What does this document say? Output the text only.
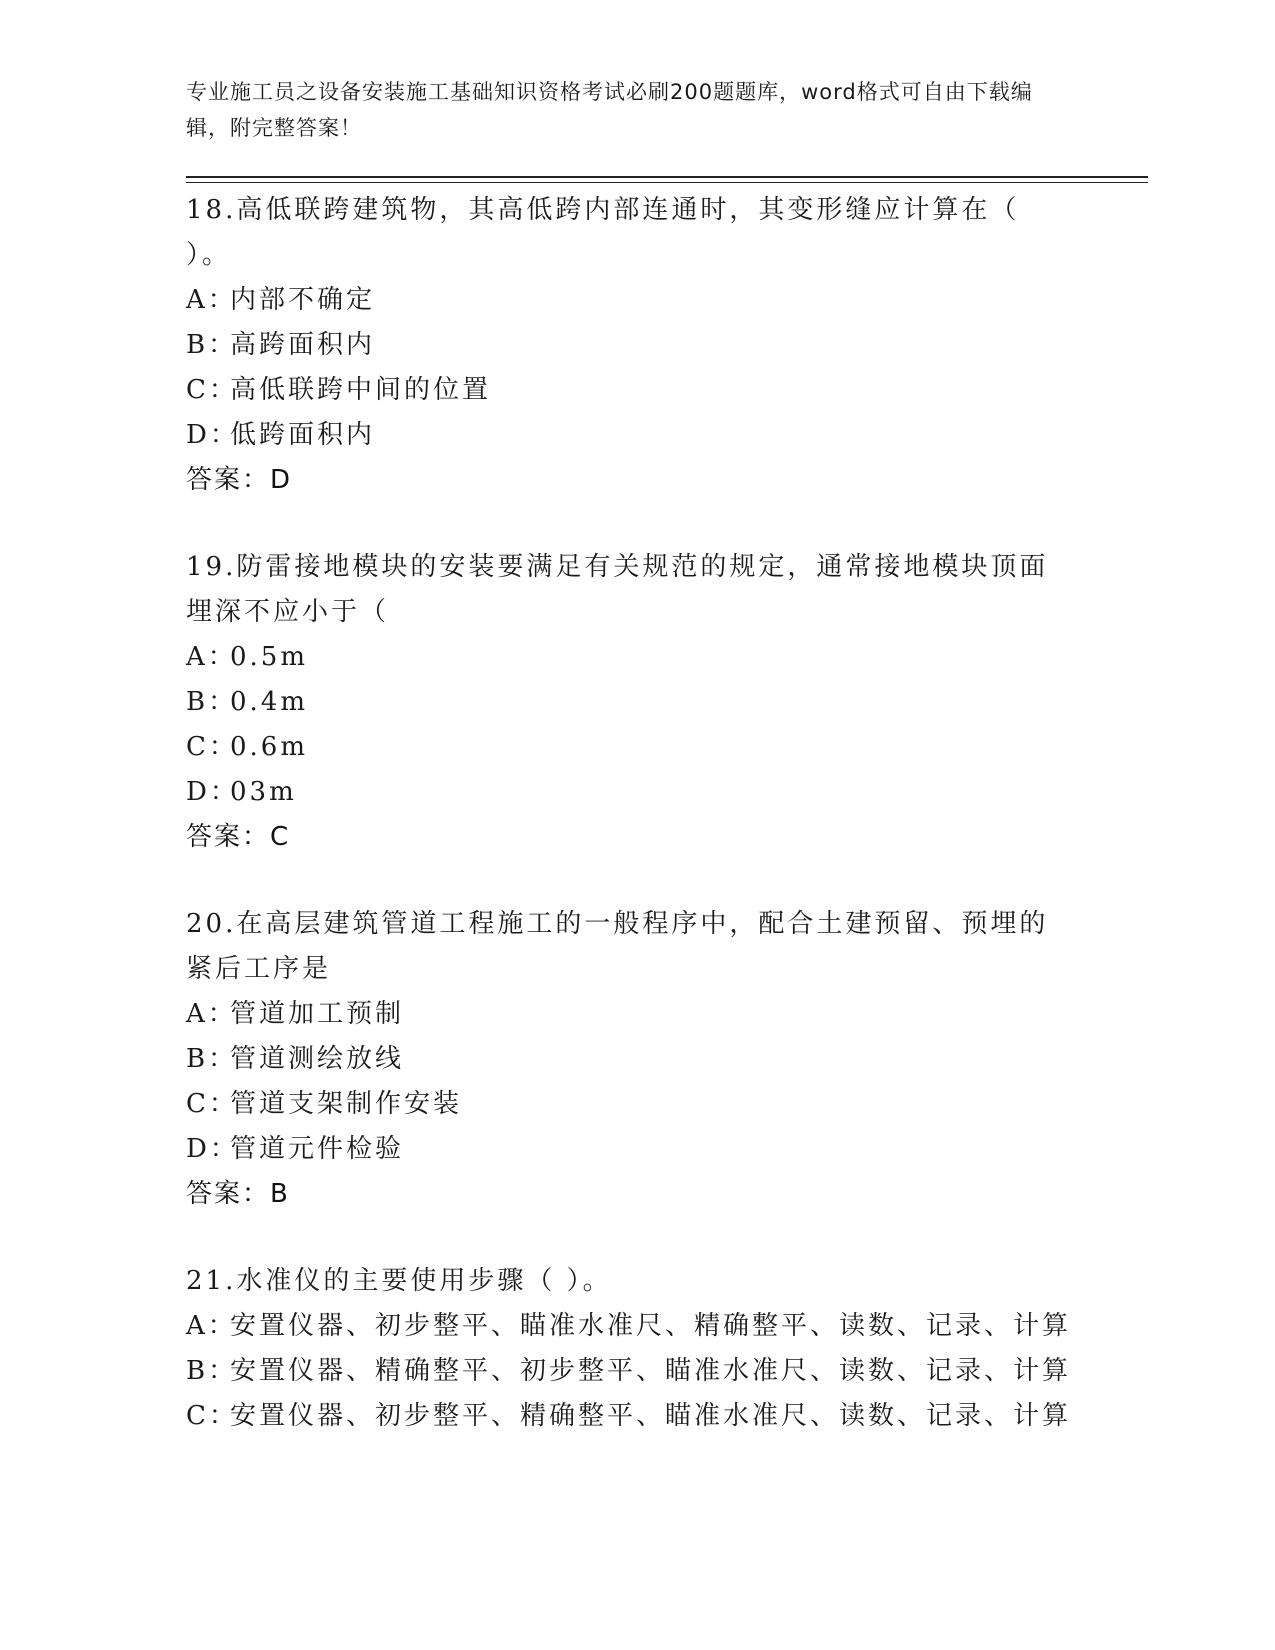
专业施工员之设备安装施工基础知识资格考试必刷200题题库，word格式可自由下载编辑，附完整答案！

18.高低联跨建筑物，其高低跨内部连通时，其变形缝应计算在（ ）。

A：内部不确定
B：高跨面积内
C：高低联跨中间的位置
D：低跨面积内
答案：D

19.防雷接地模块的安装要满足有关规范的规定，通常接地模块顶面埋深不应小于（

A：0.5m
B：0.4m
C：0.6m
D：03m
答案：C

20.在高层建筑管道工程施工的一般程序中，配合土建预留、预埋的紧后工序是

A：管道加工预制
B：管道测绘放线
C：管道支架制作安装
D：管道元件检验
答案：B

21.水准仪的主要使用步骤（ ）。

A：安置仪器、初步整平、瞄准水准尺、精确整平、读数、记录、计算
B：安置仪器、精确整平、初步整平、瞄准水准尺、读数、记录、计算
C：安置仪器、初步整平、精确整平、瞄准水准尺、读数、记录、计算
